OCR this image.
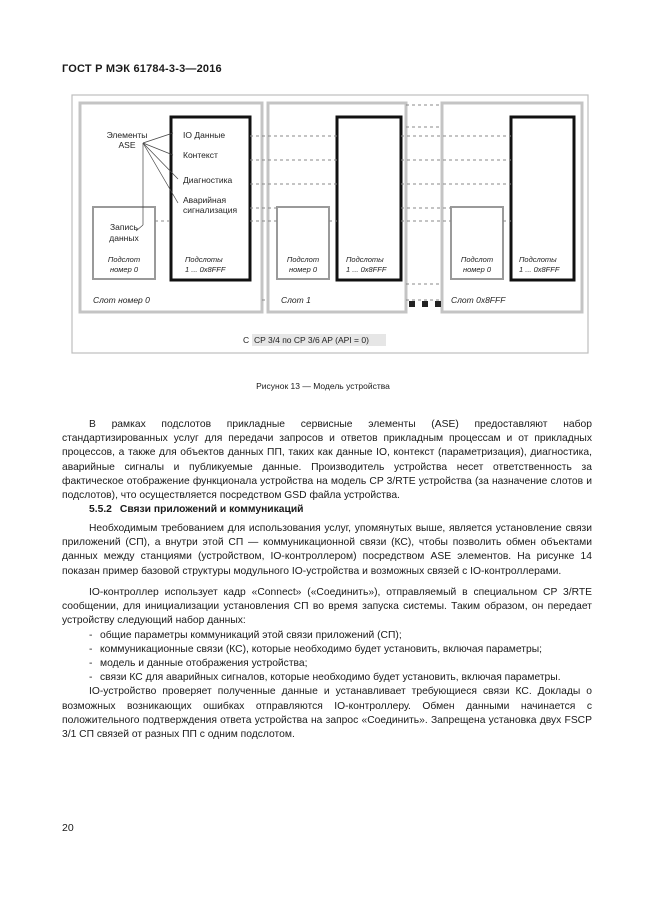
ГОСТ Р МЭК 61784-3-3—2016
Элементы ASE
IO Данные
Контекст
Диагностика
Аварийная сигнализация
Запись данных
Подслот номер 0
Подслоты 1 ... 0x8FFF
Подслот номер 0
Подслоты 1 ... 0x8FFF
Подслот номер 0
Подслоты 1 ... 0x8FFF
Слот номер 0	Слот 1	Слот 0x8FFF
C CP 3/4 по CP 3/6 AP (API = 0)
Рисунок 13 — Модель устройства

В рамках подслотов прикладные сервисные элементы (ASE) предоставляют набор стандартизированных услуг для передачи запросов и ответов прикладным процессам и от прикладных процессов, а также для объектов данных ПП, таких как данные IO, контекст (параметризация), диагностика, аварийные сигналы и публикуемые данные. Производитель устройства несет ответственность за фактическое отображение функционала устройства на модель CP 3/RTE устройства (за назначение слотов и подслотов), что осуществляется посредством GSD файла устройства.

5.5.2 Связи приложений и коммуникаций

Необходимым требованием для использования услуг, упомянутых выше, является установление связи приложений (СП), а внутри этой СП — коммуникационной связи (КС), чтобы позволить обмен объектами данных между станциями (устройством, IO-контроллером) посредством ASE элементов. На рисунке 14 показан пример базовой структуры модульного IO-устройства и возможных связей с IO-контроллерами.

IO-контроллер использует кадр «Connect» («Соединить»), отправляемый в специальном CP 3/RTE сообщении, для инициализации установления СП во время запуска системы. Таким образом, он передает устройству следующий набор данных:

- общие параметры коммуникаций этой связи приложений (СП);
- коммуникационные связи (КС), которые необходимо будет установить, включая параметры;
- модель и данные отображения устройства;
- связи КС для аварийных сигналов, которые необходимо будет установить, включая параметры.

IO-устройство проверяет полученные данные и устанавливает требующиеся связи КС. Доклады о возможных возникающих ошибках отправляются IO-контроллеру. Обмен данными начинается с положительного подтверждения ответа устройства на запрос «Соединить». Запрещена установка двух FSCP 3/1 СП связей от разных ПП с одним подслотом.

20
